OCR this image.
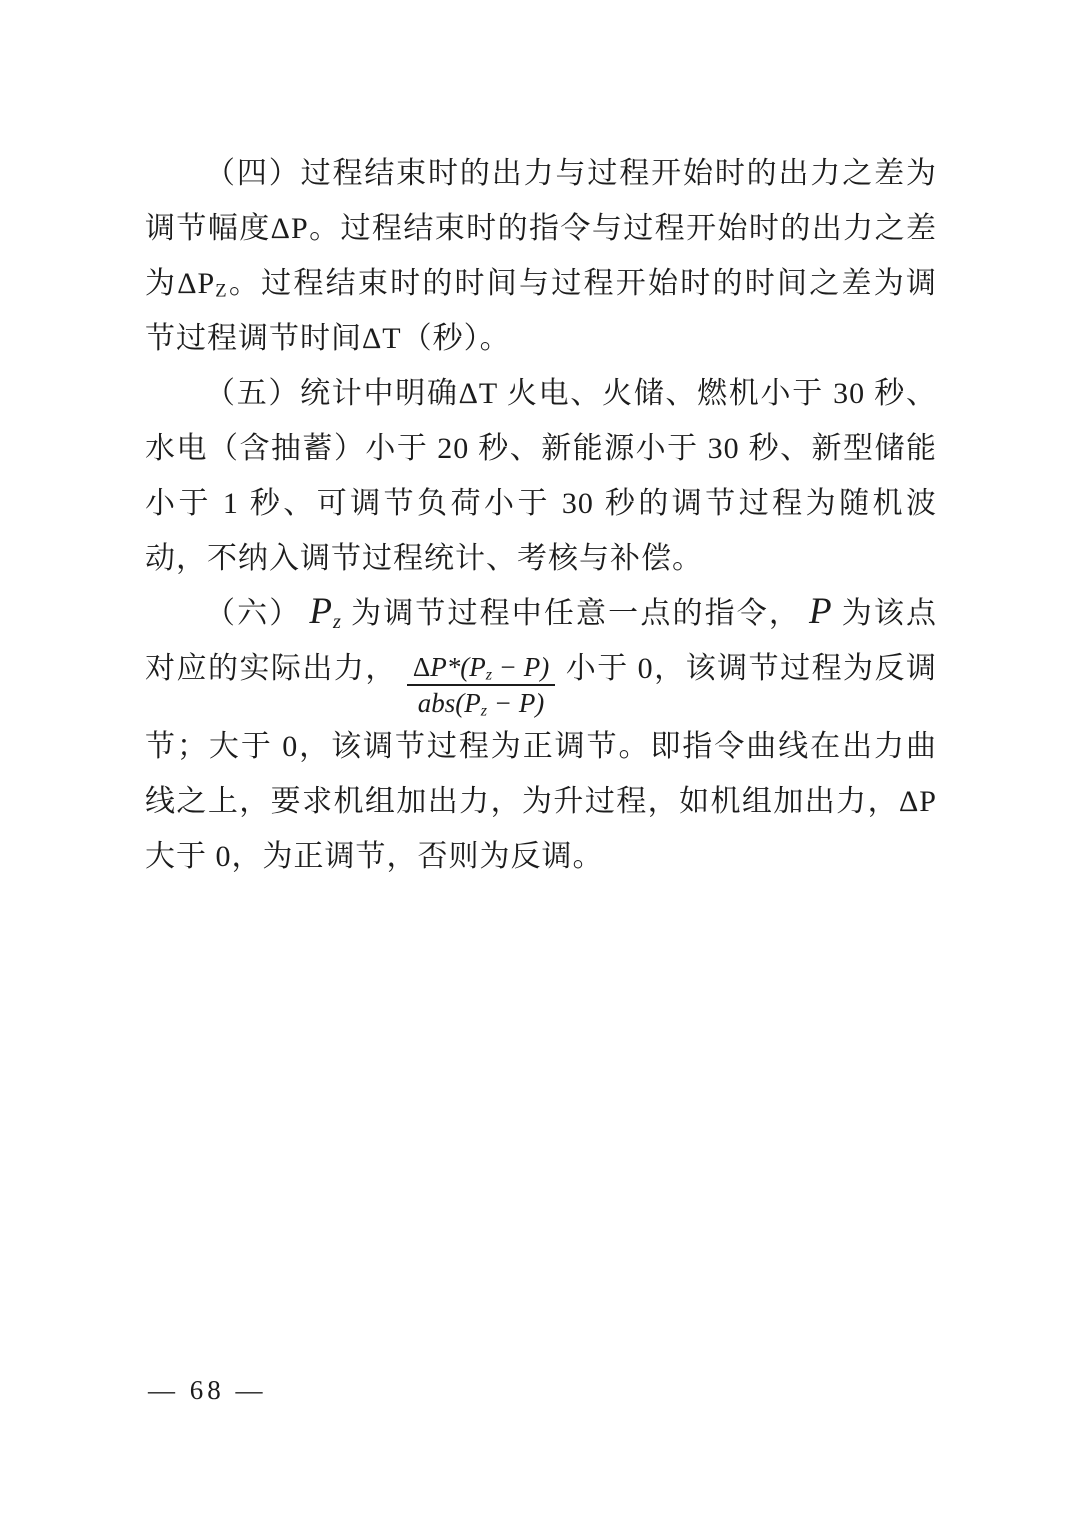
（四）过程结束时的出力与过程开始时的出力之差为调节幅度ΔP。过程结束时的指令与过程开始时的出力之差为$\Delta P_Z$。过程结束时的时间与过程开始时的时间之差为调节过程调节时间ΔT（秒）。

（五）统计中明确ΔT 火电、火储、燃机小于 30 秒、水电（含抽蓄）小于 20 秒、新能源小于 30 秒、新型储能小于 1 秒、可调节负荷小于 30 秒的调节过程为随机波动，不纳入调节过程统计、考核与补偿。

（六） $P_z$ 为调节过程中任意一点的指令， P 为该点对应的实际出力， $\frac{\Delta P*(P_z - P)}{abs(P_z - P)}$ 小于 0，该调节过程为反调节；大于 0，该调节过程为正调节。即指令曲线在出力曲线之上，要求机组加出力，为升过程，如机组加出力，ΔP 大于 0，为正调节，否则为反调。

— 68 —
